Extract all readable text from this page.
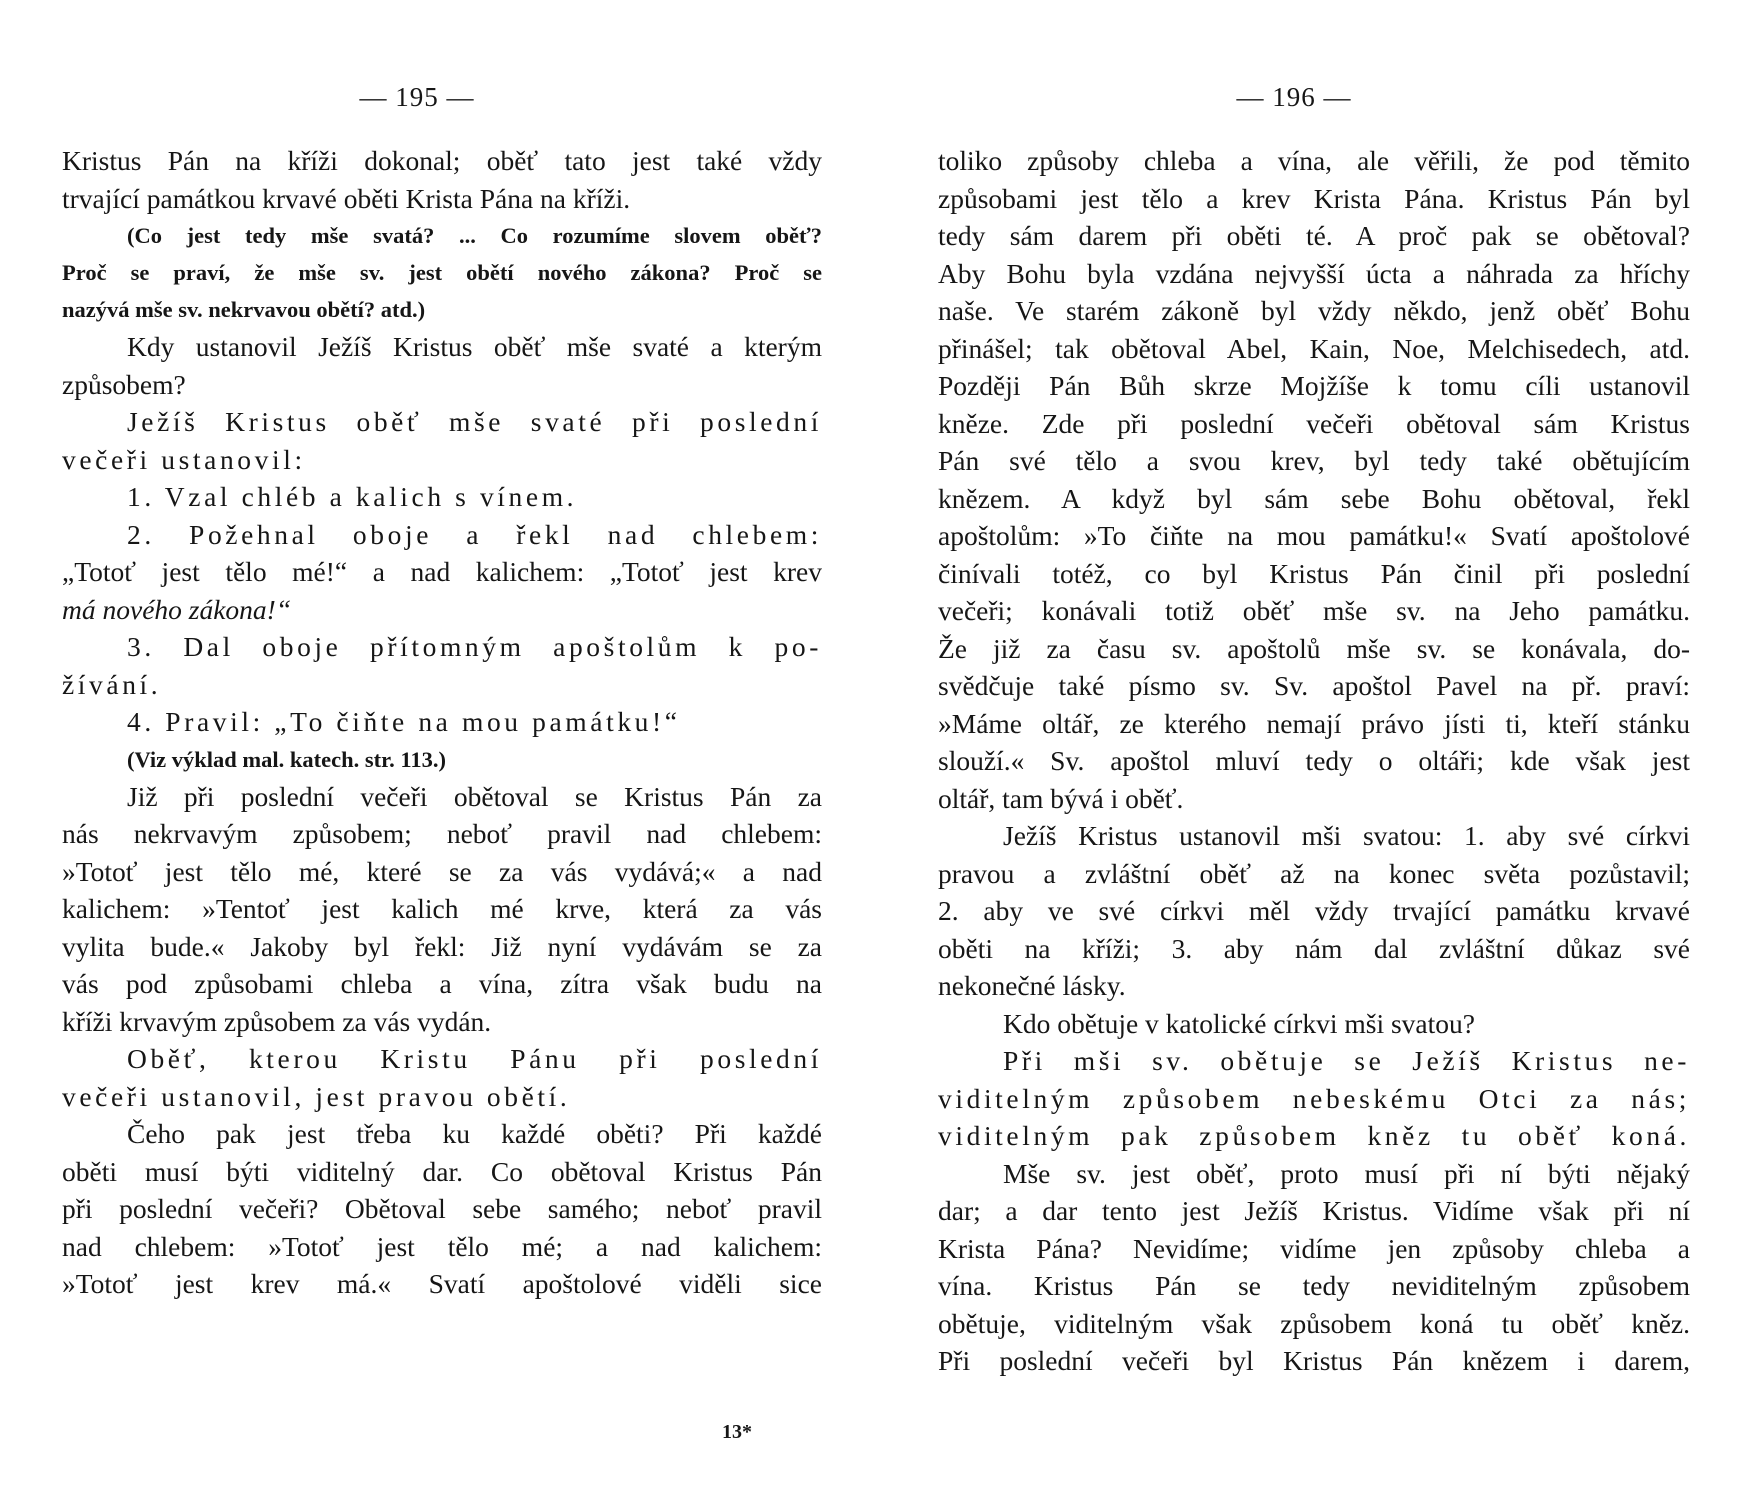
— 195 —
Kristus Pán na kříži dokonal; oběť tato jest také vždy
trvající památkou krvavé oběti Krista Pána na kříži.
(Co jest tedy mše svatá? ... Co rozumíme slovem oběť?
Proč se praví, že mše sv. jest obětí nového zákona? Proč se
nazývá mše sv. nekrvavou obětí? atd.)
Kdy ustanovil Ježíš Kristus oběť mše svaté a kterým
způsobem?
Ježíš Kristus oběť mše svaté při poslední
večeři ustanovil:
1. Vzal chléb a kalich s vínem.
2. Požehnal oboje a řekl nad chlebem:
„Totoť jest tělo mé!“ a nad kalichem: „Totoť jest krev
má nového zákona!“
3. Dal oboje přítomným apoštolům k po-
žívání.
4. Pravil: „To čiňte na mou památku!“
(Viz výklad mal. katech. str. 113.)
Již při poslední večeři obětoval se Kristus Pán za
nás nekrvavým způsobem; neboť pravil nad chlebem:
»Totoť jest tělo mé, které se za vás vydává;« a nad
kalichem: »Tentoť jest kalich mé krve, která za vás
vylita bude.« Jakoby byl řekl: Již nyní vydávám se za
vás pod způsobami chleba a vína, zítra však budu na
kříži krvavým způsobem za vás vydán.
Oběť, kterou Kristu Pánu při poslední
večeři ustanovil, jest pravou obětí.
Čeho pak jest třeba ku každé oběti? Při každé
oběti musí býti viditelný dar. Co obětoval Kristus Pán
při poslední večeři? Obětoval sebe samého; neboť pravil
nad chlebem: »Totoť jest tělo mé; a nad kalichem:
»Totoť jest krev má.« Svatí apoštolové viděli sice
13*
— 196 —
toliko způsoby chleba a vína, ale věřili, že pod těmito
způsobami jest tělo a krev Krista Pána. Kristus Pán byl
tedy sám darem při oběti té. A proč pak se obětoval?
Aby Bohu byla vzdána nejvyšší úcta a náhrada za hříchy
naše. Ve starém zákoně byl vždy někdo, jenž oběť Bohu
přinášel; tak obětoval Abel, Kain, Noe, Melchisedech, atd.
Později Pán Bůh skrze Mojžíše k tomu cíli ustanovil
kněze. Zde při poslední večeři obětoval sám Kristus
Pán své tělo a svou krev, byl tedy také obětujícím
knězem. A když byl sám sebe Bohu obětoval, řekl
apoštolům: »To čiňte na mou památku!« Svatí apoštolové
činívali totéž, co byl Kristus Pán činil při poslední
večeři; konávali totiž oběť mše sv. na Jeho památku.
Že již za času sv. apoštolů mše sv. se konávala, do-
svědčuje také písmo sv. Sv. apoštol Pavel na př. praví:
»Máme oltář, ze kterého nemají právo jísti ti, kteří stánku
slouží.« Sv. apoštol mluví tedy o oltáři; kde však jest
oltář, tam bývá i oběť.
Ježíš Kristus ustanovil mši svatou: 1. aby své církvi
pravou a zvláštní oběť až na konec světa pozůstavil;
2. aby ve své církvi měl vždy trvající památku krvavé
oběti na kříži; 3. aby nám dal zvláštní důkaz své
nekonečné lásky.
Kdo obětuje v katolické církvi mši svatou?
Při mši sv. obětuje se Ježíš Kristus ne-
viditelným způsobem nebeskému Otci za nás;
viditelným pak způsobem kněz tu oběť koná.
Mše sv. jest oběť, proto musí při ní býti nějaký
dar; a dar tento jest Ježíš Kristus. Vidíme však při ní
Krista Pána? Nevidíme; vidíme jen způsoby chleba a
vína. Kristus Pán se tedy neviditelným způsobem
obětuje, viditelným však způsobem koná tu oběť kněz.
Při poslední večeři byl Kristus Pán knězem i darem,
